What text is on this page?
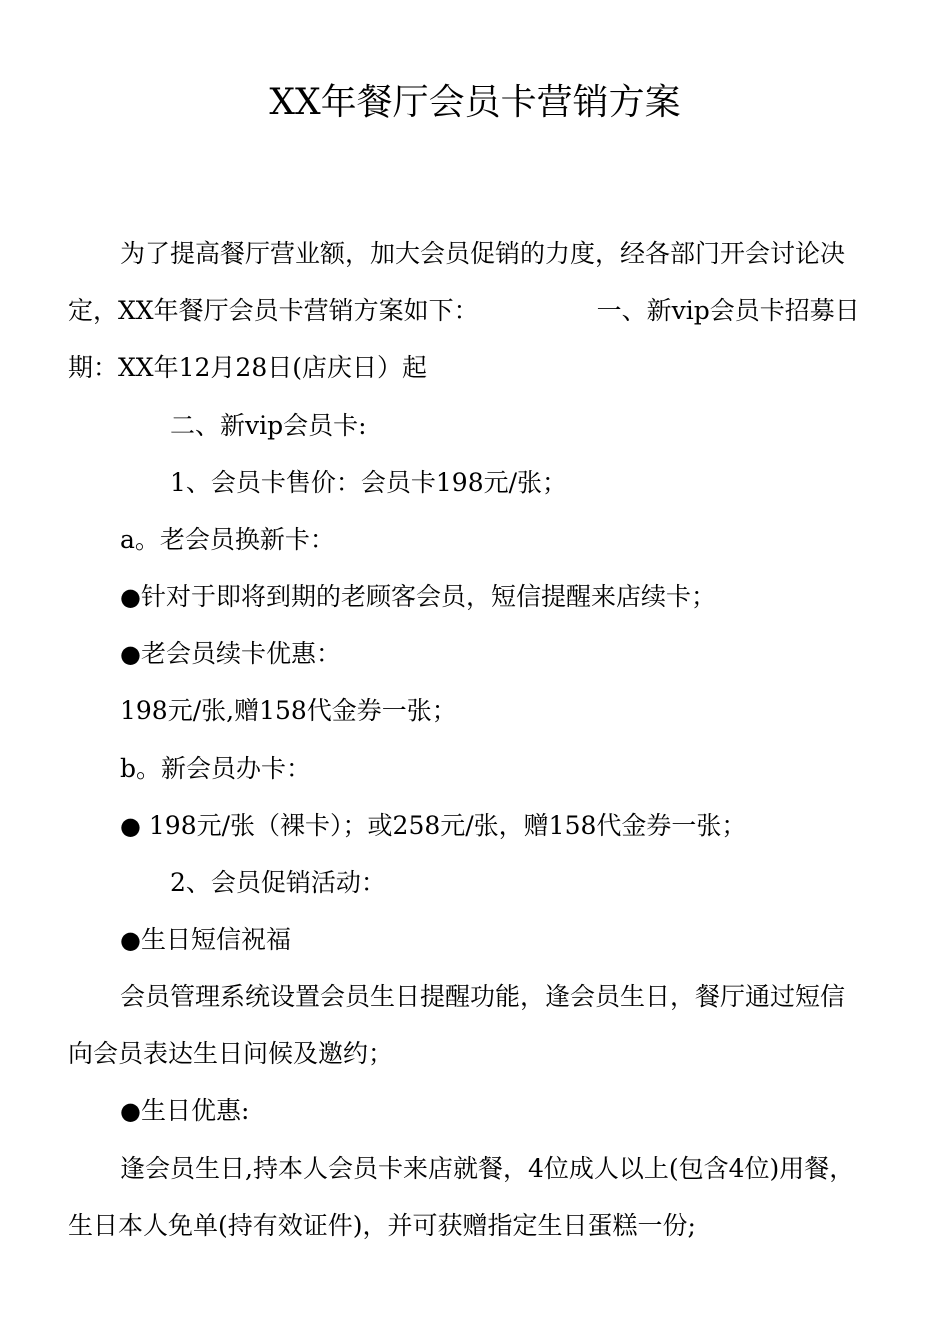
XX年餐厅会员卡营销方案
为了提高餐厅营业额，加大会员促销的力度，经各部门开会讨论决
定，XX年餐厅会员卡营销方案如下：	一、新vip会员卡招募日
期：XX年12月28日(店庆日）起
二、新vip会员卡:
1、会员卡售价：会员卡198元/张；
a。老会员换新卡：
●针对于即将到期的老顾客会员，短信提醒来店续卡；
●老会员续卡优惠：
198元/张,赠158代金券一张；
b。新会员办卡：
● 198元/张（裸卡）；或258元/张，赠158代金券一张；
2、会员促销活动：
●生日短信祝福
会员管理系统设置会员生日提醒功能，逢会员生日，餐厅通过短信
向会员表达生日问候及邀约；
●生日优惠:
逢会员生日,持本人会员卡来店就餐，4位成人以上(包含4位)用餐，
生日本人免单(持有效证件)，并可获赠指定生日蛋糕一份;
